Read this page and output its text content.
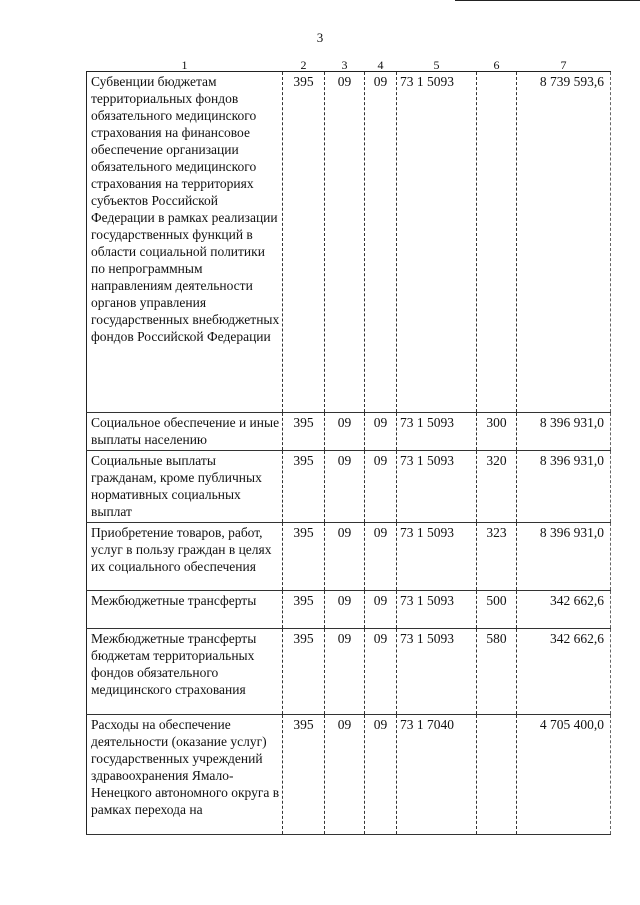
3
1	2	3	4	5	6	7

Субвенции бюджетам территориальных фондов обязательного медицинского страхования на финансовое обеспечение организации обязательного медицинского страхования на территориях субъектов Российской Федерации в рамках реализации государственных функций в области социальной политики по непрограммным направлениям деятельности органов управления государственных внебюджетных фондов Российской Федерации	395	09	09	73 1 5093		8 739 593,6

Социальное обеспечение и иные выплаты населению	395	09	09	73 1 5093	300	8 396 931,0

Социальные выплаты гражданам, кроме публичных нормативных социальных выплат	395	09	09	73 1 5093	320	8 396 931,0

Приобретение товаров, работ, услуг в пользу граждан в целях их социального обеспечения	395	09	09	73 1 5093	323	8 396 931,0

Межбюджетные трансферты	395	09	09	73 1 5093	500	342 662,6

Межбюджетные трансферты бюджетам территориальных фондов обязательного медицинского страхования	395	09	09	73 1 5093	580	342 662,6

Расходы на обеспечение деятельности (оказание услуг) государственных учреждений здравоохранения Ямало-Ненецкого автономного округа в рамках перехода на	395	09	09	73 1 7040		4 705 400,0
